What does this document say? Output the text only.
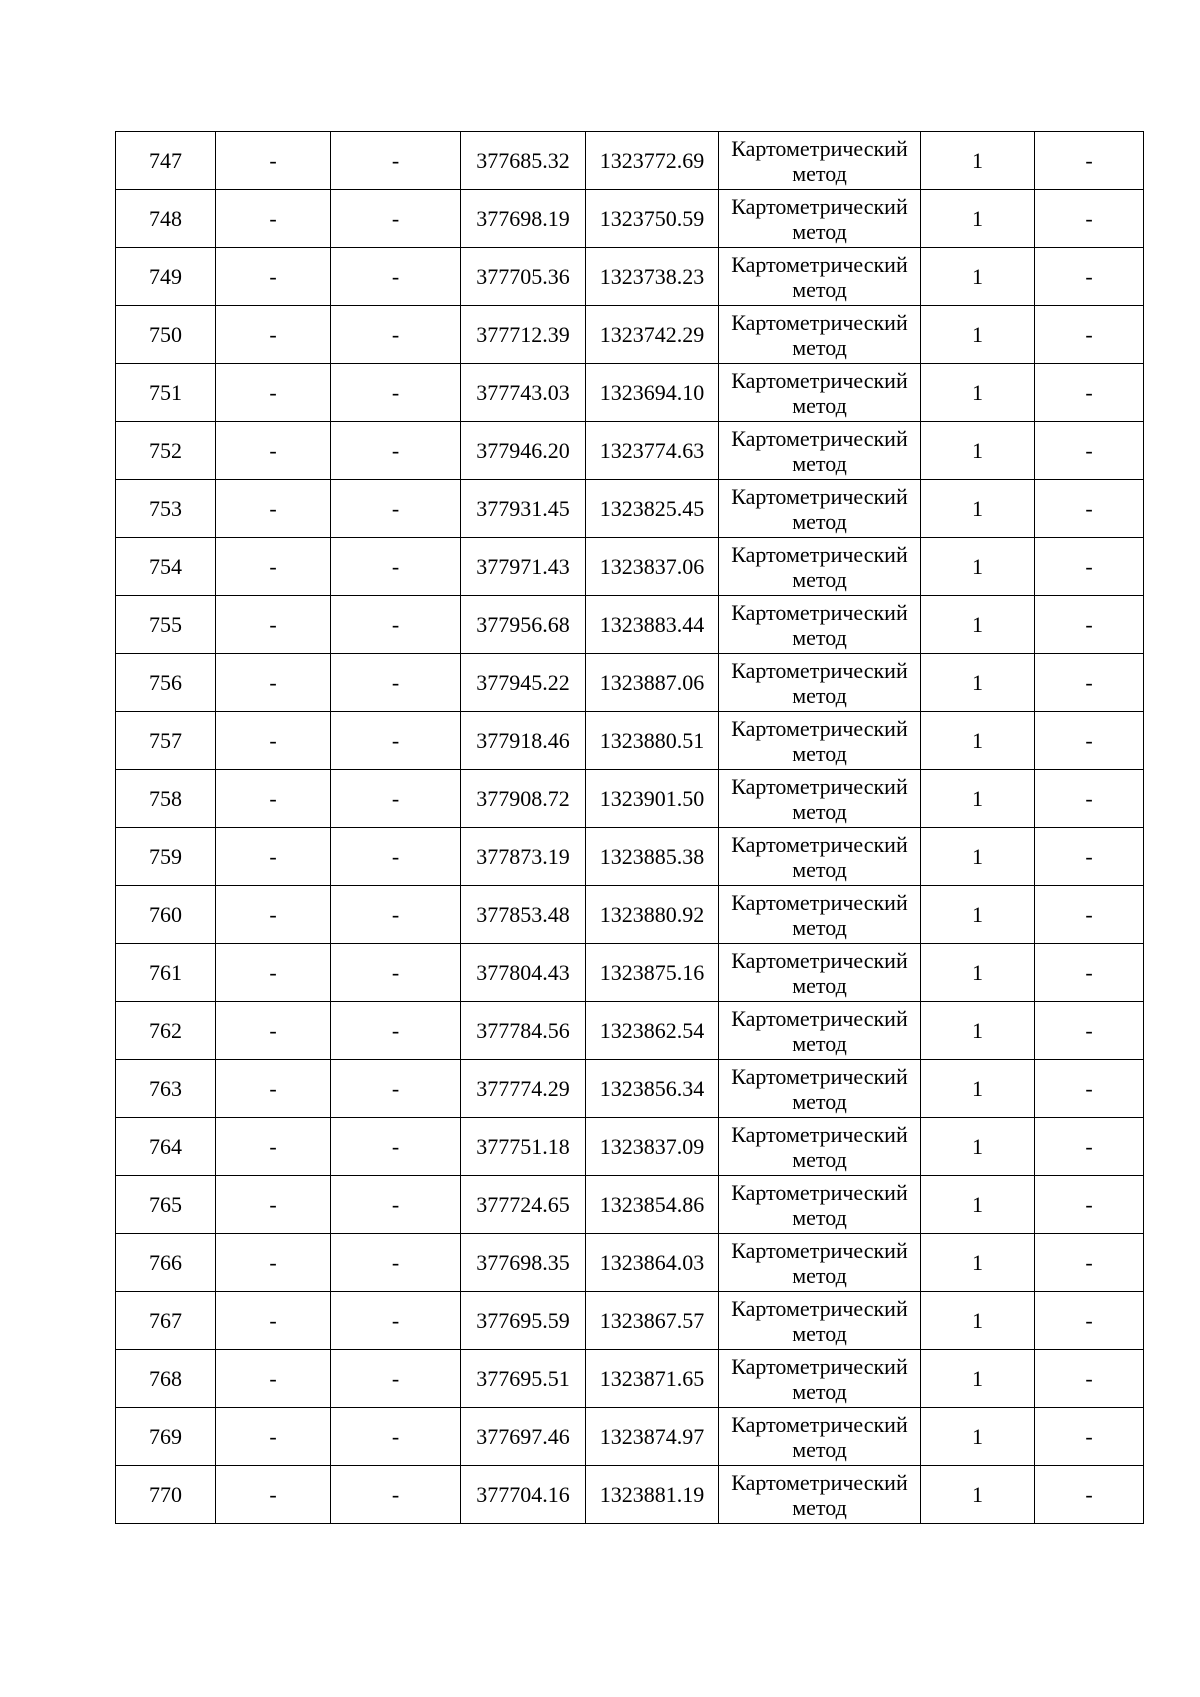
747	-	-	377685.32	1323772.69	Картометрический
метод	1	-
748	-	-	377698.19	1323750.59	Картометрический
метод	1	-
749	-	-	377705.36	1323738.23	Картометрический
метод	1	-
750	-	-	377712.39	1323742.29	Картометрический
метод	1	-
751	-	-	377743.03	1323694.10	Картометрический
метод	1	-
752	-	-	377946.20	1323774.63	Картометрический
метод	1	-
753	-	-	377931.45	1323825.45	Картометрический
метод	1	-
754	-	-	377971.43	1323837.06	Картометрический
метод	1	-
755	-	-	377956.68	1323883.44	Картометрический
метод	1	-
756	-	-	377945.22	1323887.06	Картометрический
метод	1	-
757	-	-	377918.46	1323880.51	Картометрический
метод	1	-
758	-	-	377908.72	1323901.50	Картометрический
метод	1	-
759	-	-	377873.19	1323885.38	Картометрический
метод	1	-
760	-	-	377853.48	1323880.92	Картометрический
метод	1	-
761	-	-	377804.43	1323875.16	Картометрический
метод	1	-
762	-	-	377784.56	1323862.54	Картометрический
метод	1	-
763	-	-	377774.29	1323856.34	Картометрический
метод	1	-
764	-	-	377751.18	1323837.09	Картометрический
метод	1	-
765	-	-	377724.65	1323854.86	Картометрический
метод	1	-
766	-	-	377698.35	1323864.03	Картометрический
метод	1	-
767	-	-	377695.59	1323867.57	Картометрический
метод	1	-
768	-	-	377695.51	1323871.65	Картометрический
метод	1	-
769	-	-	377697.46	1323874.97	Картометрический
метод	1	-
770	-	-	377704.16	1323881.19	Картометрический
метод	1	-
